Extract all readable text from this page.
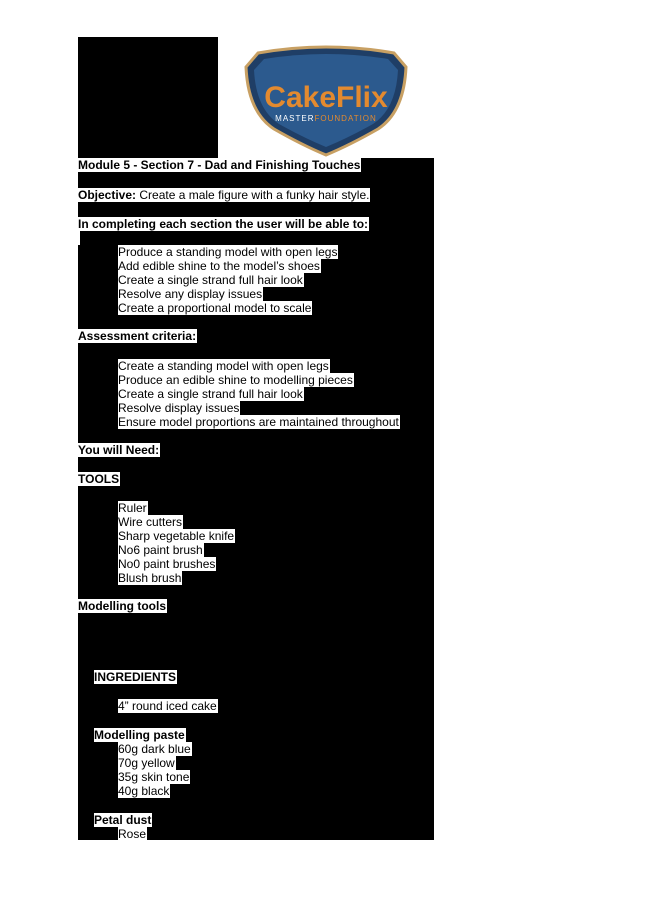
CakeFlix
MASTERFOUNDATION
Module 5 - Section 7 - Dad and Finishing Touches
Objective: Create a male figure with a funky hair style.
In completing each section the user will be able to:
Produce a standing model with open legs
Add edible shine to the model’s shoes
Create a single strand full hair look
Resolve any display issues
Create a proportional model to scale
Assessment criteria:
Create a standing model with open legs
Produce an edible shine to modelling pieces
Create a single strand full hair look
Resolve display issues
Ensure model proportions are maintained throughout
You will Need:
TOOLS
Ruler
Wire cutters
Sharp vegetable knife
No6 paint brush
No0 paint brushes
Blush brush
Modelling tools
INGREDIENTS
4” round iced cake
Modelling paste
60g dark blue
70g yellow
35g skin tone
40g black
Petal dust
Rose
